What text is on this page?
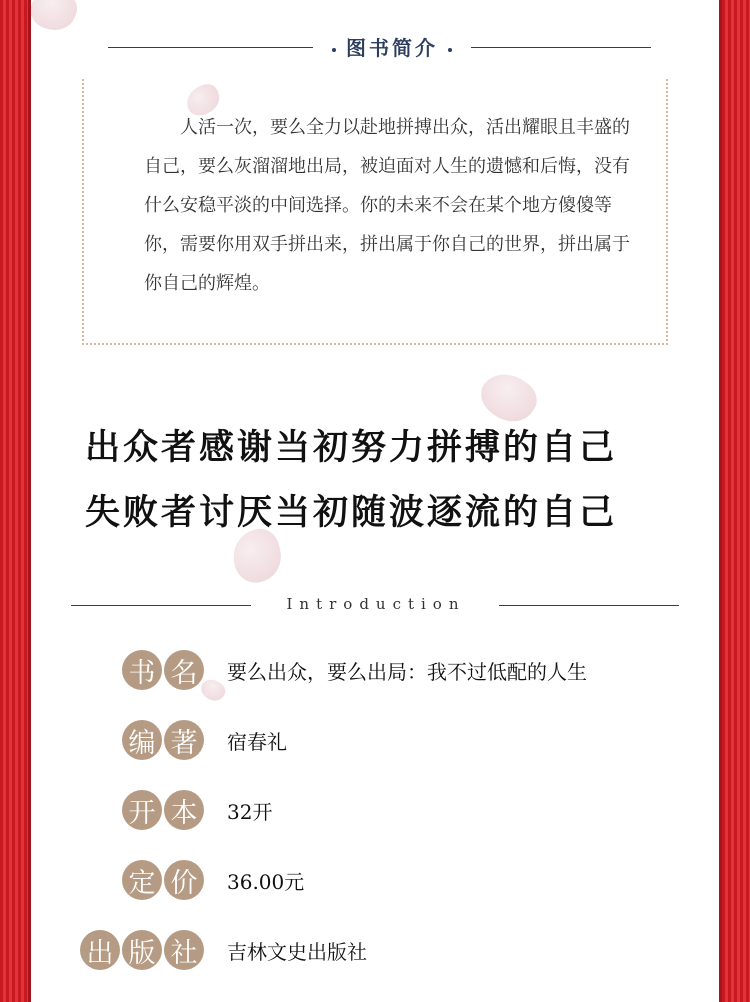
图书简介
人活一次，要么全力以赴地拼搏出众，活出耀眼且丰盛的自己，要么灰溜溜地出局，被迫面对人生的遗憾和后悔，没有什么安稳平淡的中间选择。你的未来不会在某个地方傻傻等你，需要你用双手拼出来，拼出属于你自己的世界，拼出属于你自己的辉煌。
出众者感谢当初努力拼搏的自己
失败者讨厌当初随波逐流的自己
Introduction
书 名	要么出众，要么出局：我不过低配的人生
编 著	宿春礼
开 本	32开
定 价	36.00元
出 版 社	吉林文史出版社
